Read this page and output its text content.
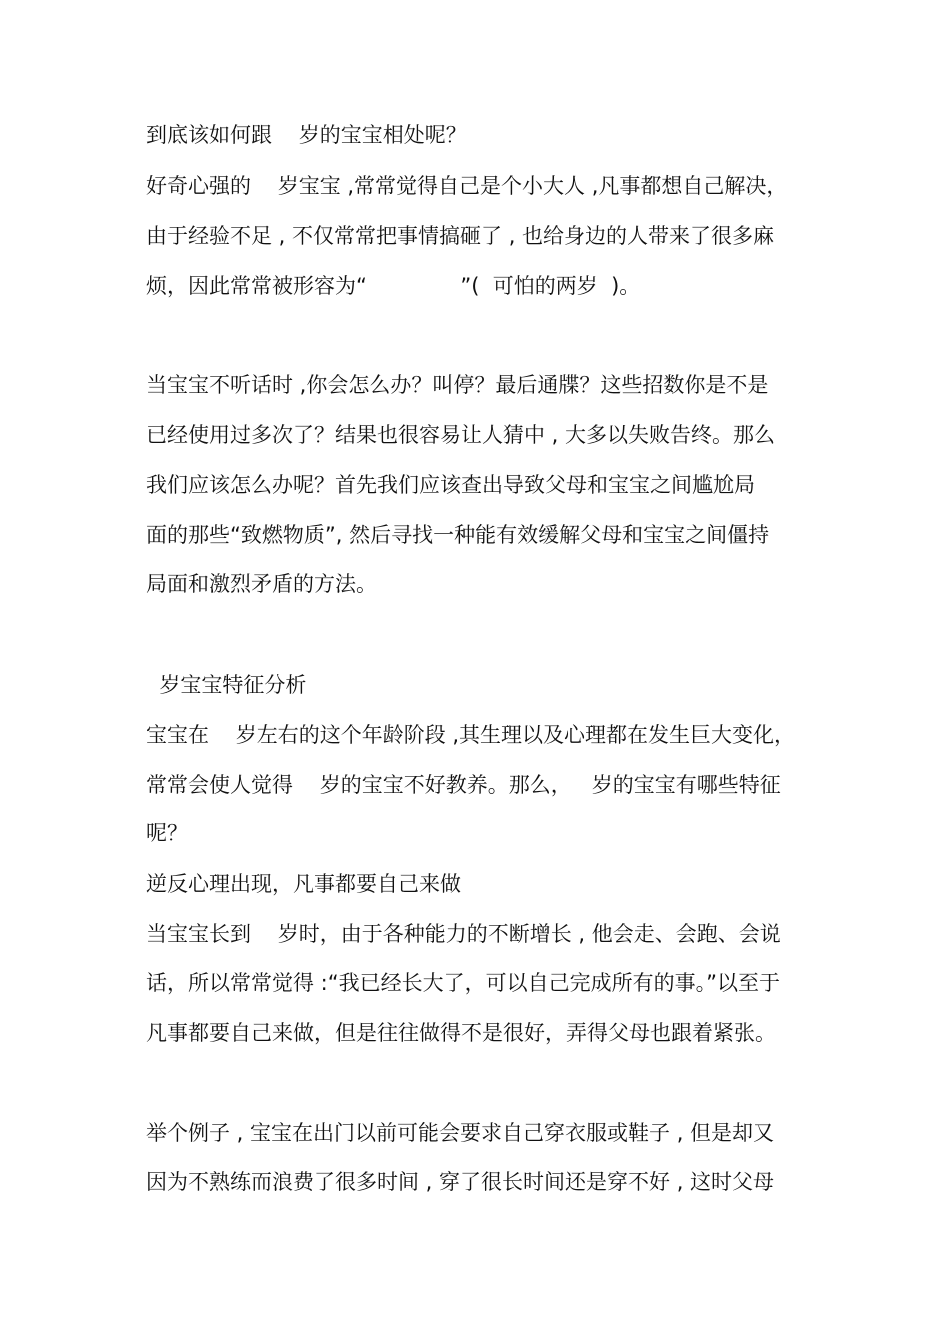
到底该如何跟    岁的宝宝相处呢？

好奇心强的    岁宝宝 ,常常觉得自己是个小大人 ,凡事都想自己解决，

由于经验不足 , 不仅常常把事情搞砸了 , 也给身边的人带来了很多麻

烦，因此常常被形容为“              ”(  可怕的两岁  )。

当宝宝不听话时 ,你会怎么办？叫停？最后通牒？这些招数你是不是

已经使用过多次了？结果也很容易让人猜中 , 大多以失败告终。那么

我们应该怎么办呢？首先我们应该查出导致父母和宝宝之间尴尬局

面的那些“致燃物质”, 然后寻找一种能有效缓解父母和宝宝之间僵持

局面和激烈矛盾的方法。

岁宝宝特征分析

宝宝在    岁左右的这个年龄阶段 ,其生理以及心理都在发生巨大变化，

常常会使人觉得    岁的宝宝不好教养。那么，   岁的宝宝有哪些特征

呢？

逆反心理出现，凡事都要自己来做

当宝宝长到    岁时，由于各种能力的不断增长 , 他会走、会跑、会说

话，所以常常觉得 :“我已经长大了，可以自己完成所有的事。”以至于

凡事都要自己来做，但是往往做得不是很好，弄得父母也跟着紧张。

举个例子 , 宝宝在出门以前可能会要求自己穿衣服或鞋子 , 但是却又

因为不熟练而浪费了很多时间 , 穿了很长时间还是穿不好 , 这时父母
